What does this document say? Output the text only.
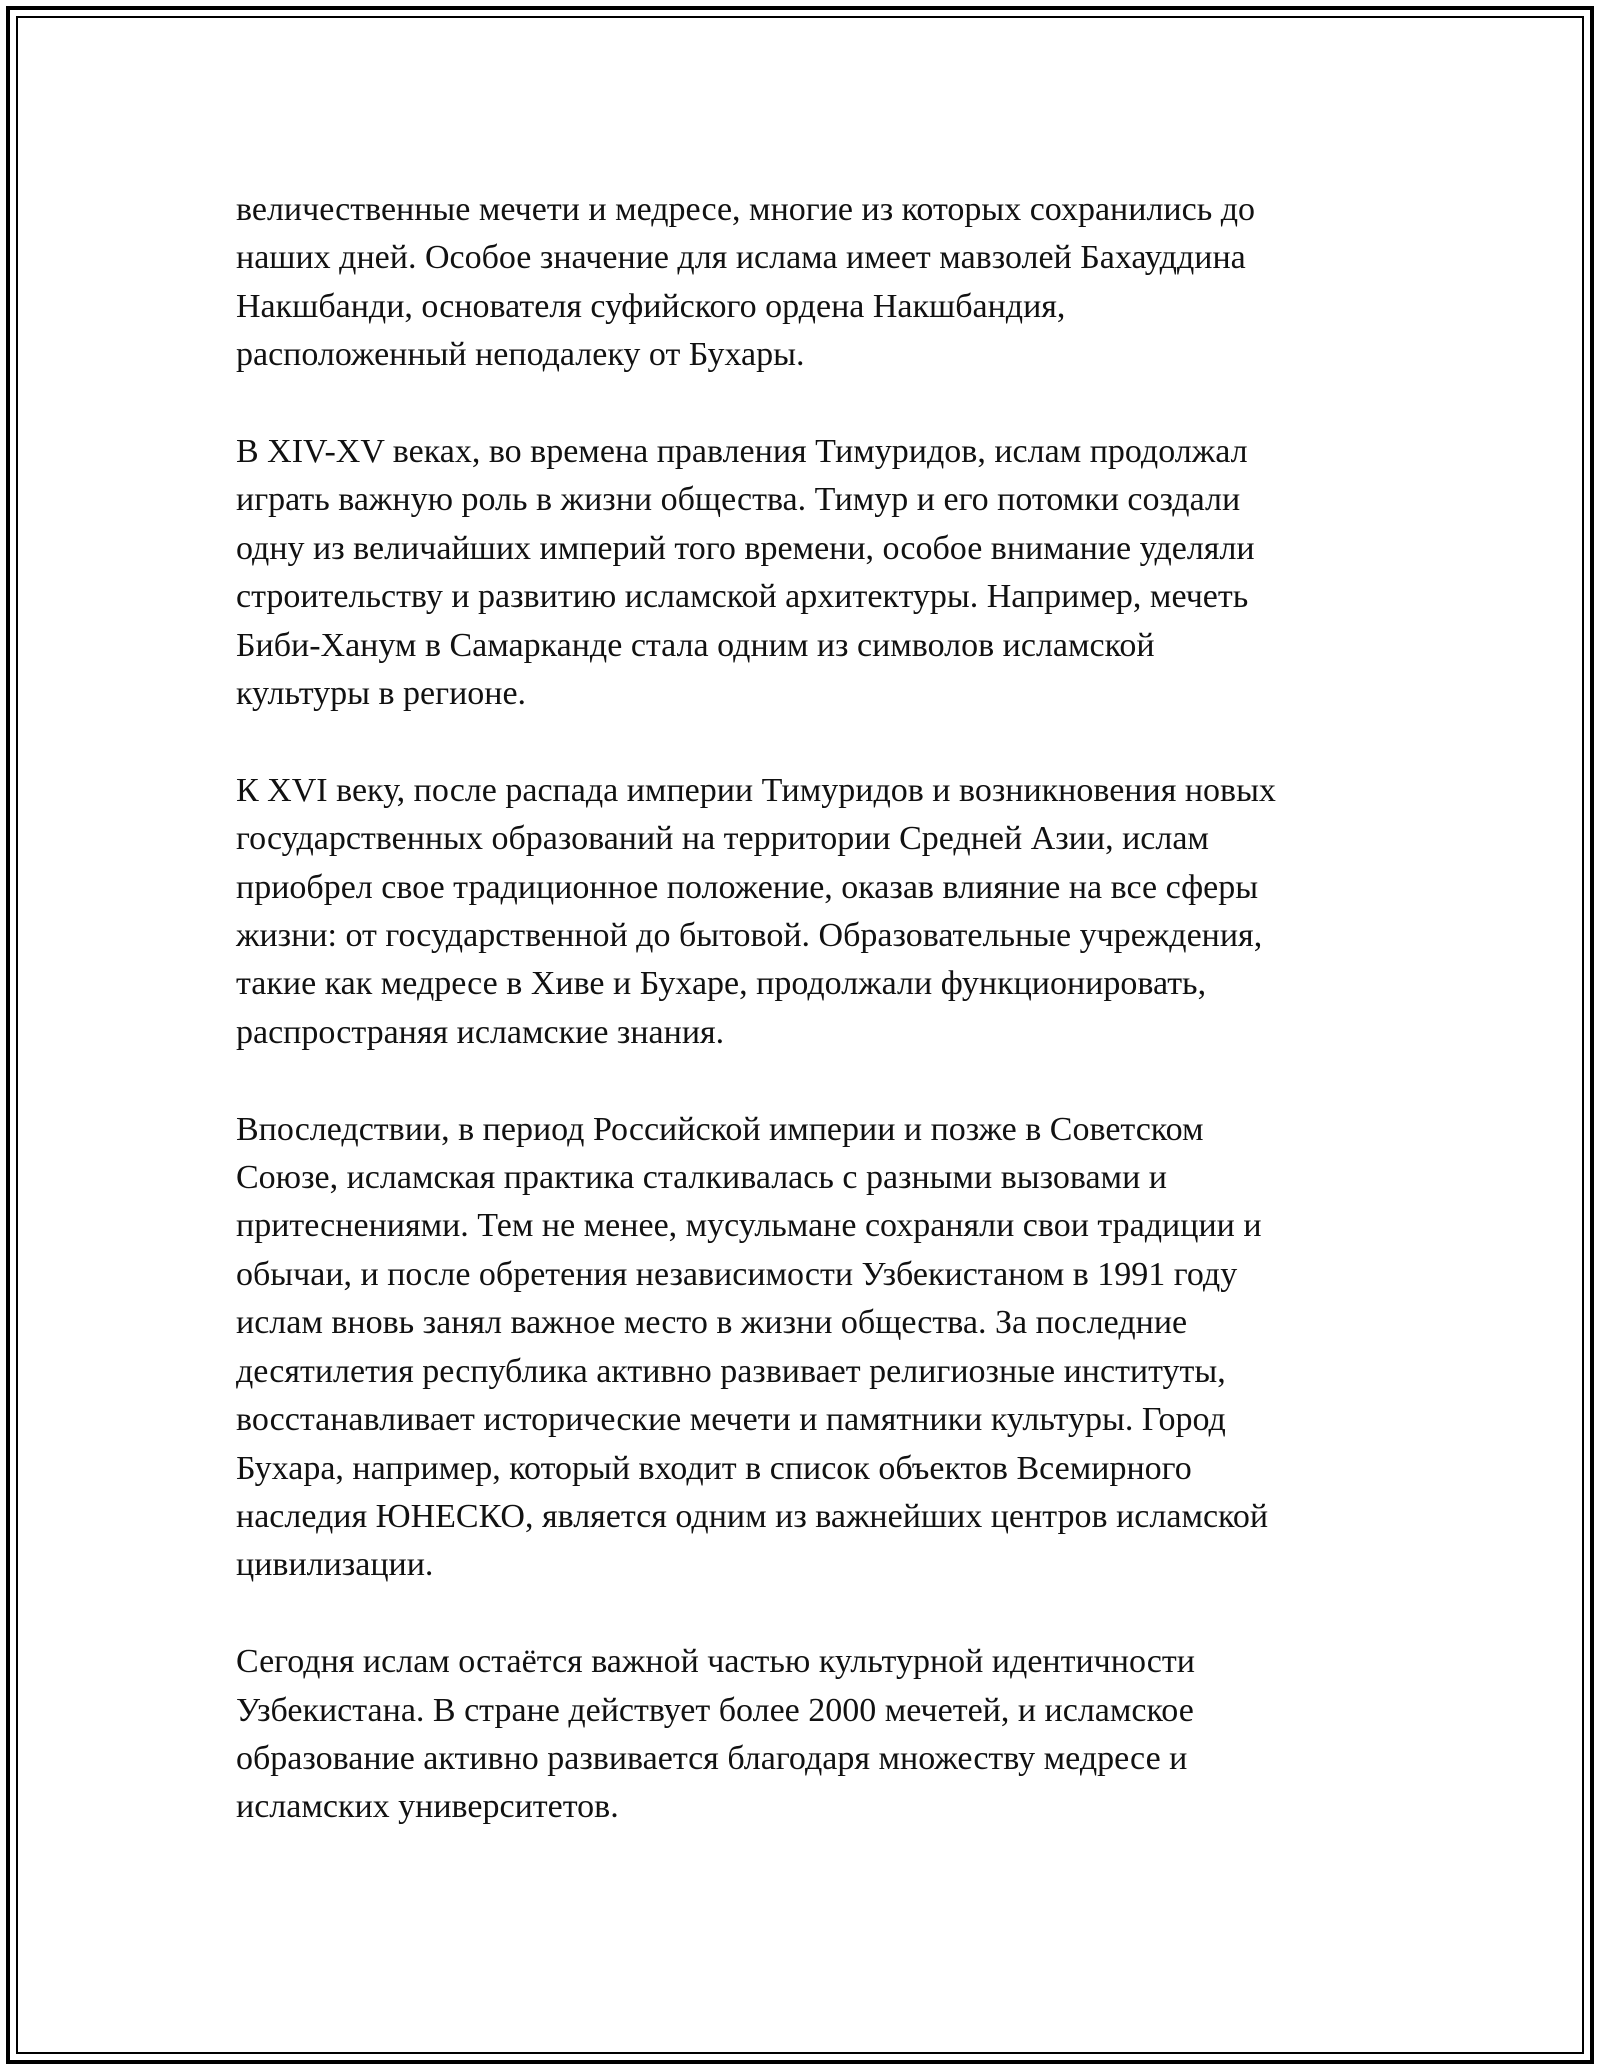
величественные мечети и медресе, многие из которых сохранились до
наших дней. Особое значение для ислама имеет мавзолей Бахауддина
Накшбанди, основателя суфийского ордена Накшбандия,
расположенный неподалеку от Бухары.

В XIV-XV веках, во времена правления Тимуридов, ислам продолжал
играть важную роль в жизни общества. Тимур и его потомки создали
одну из величайших империй того времени, особое внимание уделяли
строительству и развитию исламской архитектуры. Например, мечеть
Биби-Ханум в Самарканде стала одним из символов исламской
культуры в регионе.

К XVI веку, после распада империи Тимуридов и возникновения новых
государственных образований на территории Средней Азии, ислам
приобрел свое традиционное положение, оказав влияние на все сферы
жизни: от государственной до бытовой. Образовательные учреждения,
такие как медресе в Хиве и Бухаре, продолжали функционировать,
распространяя исламские знания.

Впоследствии, в период Российской империи и позже в Советском
Союзе, исламская практика сталкивалась с разными вызовами и
притеснениями. Тем не менее, мусульмане сохраняли свои традиции и
обычаи, и после обретения независимости Узбекистаном в 1991 году
ислам вновь занял важное место в жизни общества. За последние
десятилетия республика активно развивает религиозные институты,
восстанавливает исторические мечети и памятники культуры. Город
Бухара, например, который входит в список объектов Всемирного
наследия ЮНЕСКО, является одним из важнейших центров исламской
цивилизации.

Сегодня ислам остаётся важной частью культурной идентичности
Узбекистана. В стране действует более 2000 мечетей, и исламское
образование активно развивается благодаря множеству медресе и
исламских университетов.
